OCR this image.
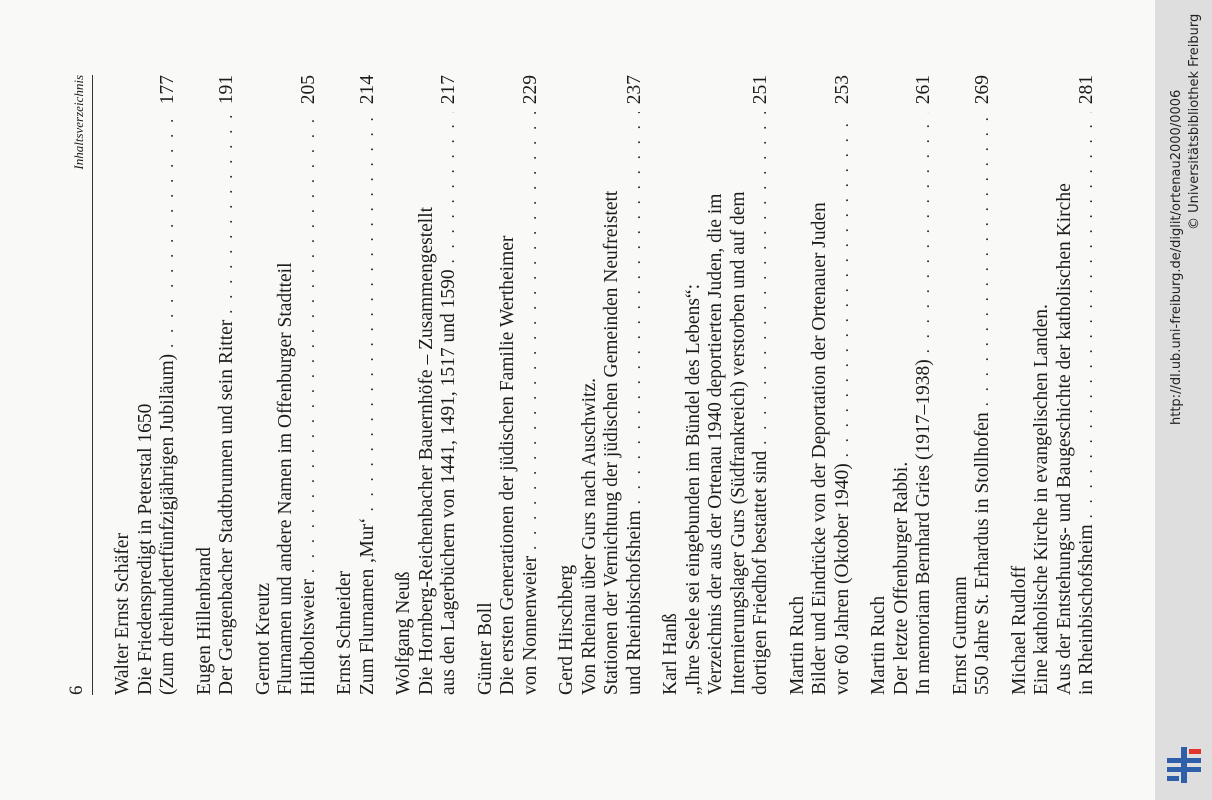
6
Inhaltsverzeichnis
Walter Ernst Schäfer Die Friedenspredigt in Peterstal 1650 (Zum dreihundertfünfzigjährigen Jubiläum)
. . .
177
Eugen Hillenbrand Der Gengenbacher Stadtbrunnen und sein Ritter
. . .
191
Gernot Kreutz Flurnamen und andere Namen im Offenburger Stadtteil Hildboltsweier
. . .
205
Ernst Schneider Zum Flurnamen ‚Mur‘
. . .
214
Wolfgang Neuß Die Hornberg-Reichenbacher Bauernhöfe – Zusammengestellt aus den Lagerbüchern von 1441, 1491, 1517 und 1590
. . .
217
Günter Boll Die ersten Generationen der jüdischen Familie Wertheimer von Nonnenweier
. . .
229
Gerd Hirschberg Von Rheinau über Gurs nach Auschwitz. Stationen der Vernichtung der jüdischen Gemeinden Neufreistett und Rheinbischofsheim
. . .
237
Karl Hanß „Ihre Seele sei eingebunden im Bündel des Lebens“: Verzeichnis der aus der Ortenau 1940 deportierten Juden, die im Internierungslager Gurs (Südfrankreich) verstorben und auf dem dortigen Friedhof bestattet sind
. . .
251
Martin Ruch Bilder und Eindrücke von der Deportation der Ortenauer Juden vor 60 Jahren (Oktober 1940)
. . .
253
Martin Ruch Der letzte Offenburger Rabbi. In memoriam Bernhard Gries (1917–1938)
. . .
261
Ernst Gutmann 550 Jahre St. Erhardus in Stollhofen
. . .
269
Michael Rudloff Eine katholische Kirche in evangelischen Landen. Aus der Entstehungs- und Baugeschichte der katholischen Kirche in Rheinbischofsheim
. . .
281
http://dl.ub.uni-freiburg.de/diglit/ortenau2000/0006 © Universitätsbibliothek Freiburg
